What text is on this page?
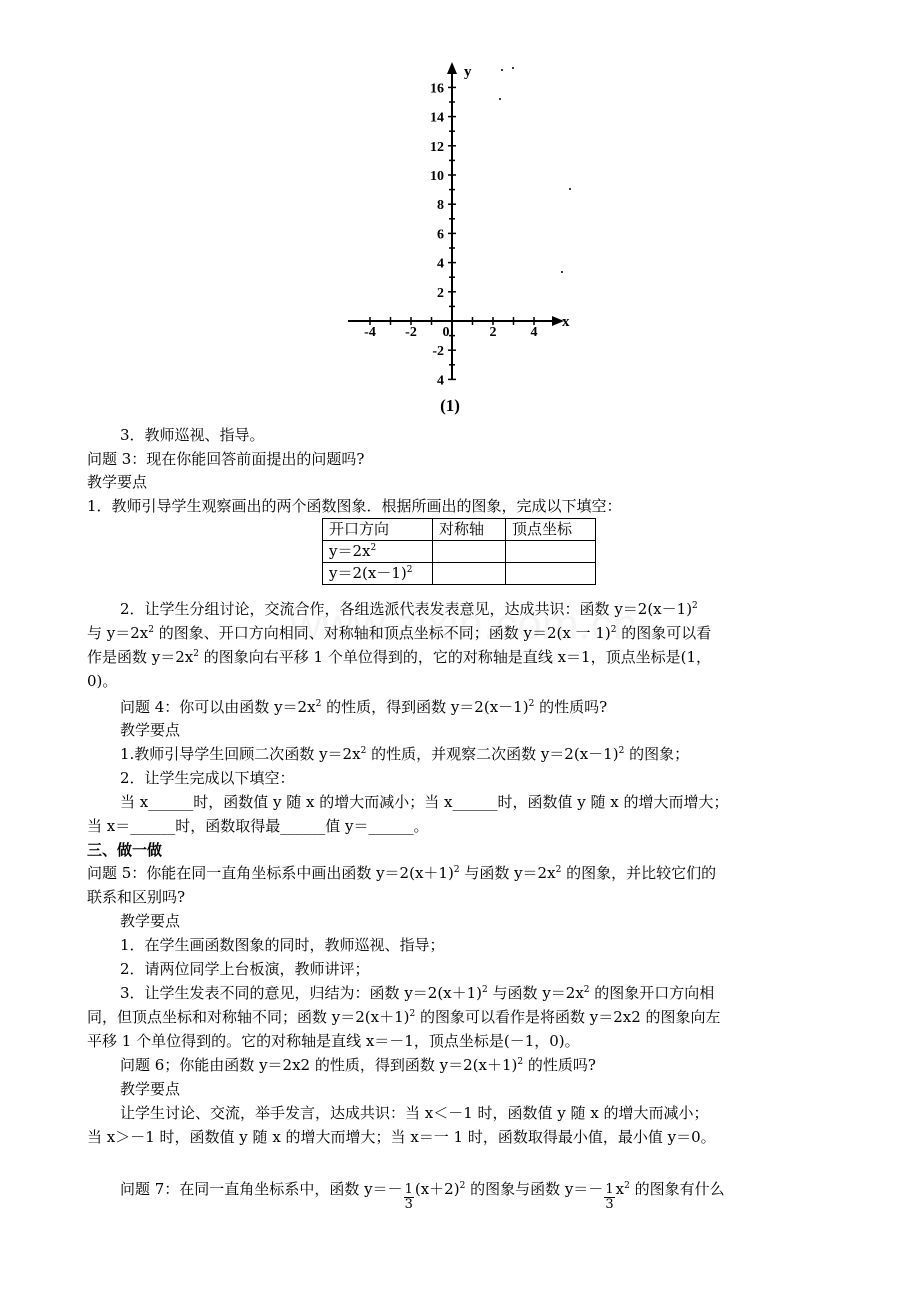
16
14
12
10
8
6
4
2
-2
4
-4 -2 0	2 4
y
x
(1)
3．教师巡视、指导。
问题 3：现在你能回答前面提出的问题吗?
教学要点
1．教师引导学生观察画出的两个函数图象．根据所画出的图象，完成以下填空：
开口方向	对称轴	顶点坐标
$y=2x^2$		
$y=2(x-1)^2$		
2．让学生分组讨论，交流合作，各组选派代表发表意见，达成共识：函数 $y=2(x-1)^2$
与 $y=2x^2$ 的图象、开口方向相同、对称轴和顶点坐标不同；函数 y＝2(x 一 1)$^2$ 的图象可以看
作是函数 $y=2x^2$ 的图象向右平移 1 个单位得到的，它的对称轴是直线 x＝1，顶点坐标是(1，
0)。
问题 4：你可以由函数 $y=2x^2$ 的性质，得到函数 $y=2(x-1)^2$ 的性质吗?
教学要点
1.教师引导学生回顾二次函数 $y=2x^2$ 的性质，并观察二次函数 $y=2(x-1)^2$ 的图象；
2．让学生完成以下填空：
当 x______时，函数值 y 随 x 的增大而减小；当 x______时，函数值 y 随 x 的增大而增大；
当 x＝______时，函数取得最______值 y＝______。
三、做一做
问题 5：你能在同一直角坐标系中画出函数 $y=2(x+1)^2$ 与函数 $y=2x^2$ 的图象，并比较它们的
联系和区别吗?
教学要点
1．在学生画函数图象的同时，教师巡视、指导；
2．请两位同学上台板演，教师讲评；
3．让学生发表不同的意见，归结为：函数 $y=2(x+1)^2$ 与函数 $y=2x^2$ 的图象开口方向相
同，但顶点坐标和对称轴不同；函数 $y=2(x+1)^2$ 的图象可以看作是将函数 y＝2x2 的图象向左
平移 1 个单位得到的。它的对称轴是直线 x＝－1，顶点坐标是(－1，0)。
问题 6；你能由函数 y＝2x2 的性质，得到函数 $y=2(x+1)^2$ 的性质吗?
教学要点
让学生讨论、交流，举手发言，达成共识：当 x＜－1 时，函数值 y 随 x 的增大而减小；
当 x＞－1 时，函数值 y 随 x 的增大而增大；当 x＝一 1 时，函数取得最小值，最小值 y＝0。
问题 7：在同一直角坐标系中，函数 $y=- \frac{1}{3} (x+2)^2$ 的图象与函数 $y=- \frac{1}{3} x^2$ 的图象有什么
